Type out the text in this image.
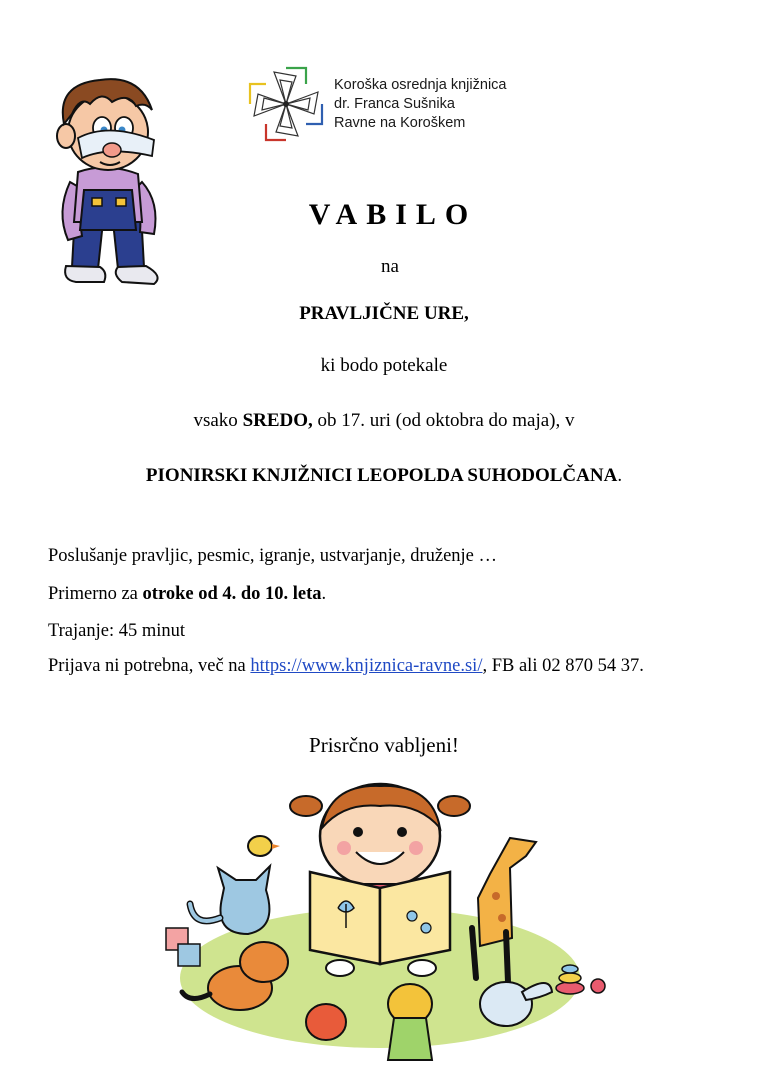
Koroška osrednja knjižnica
dr. Franca Sušnika
Ravne na Koroškem
VABILO
na
PRAVLJIČNE URE,
ki bodo potekale
vsako SREDO, ob 17. uri (od oktobra do maja), v
PIONIRSKI KNJIŽNICI LEOPOLDA SUHODOLČANA.
Poslušanje pravljic, pesmic, igranje, ustvarjanje, druženje …
Primerno za otroke od 4. do 10. leta.
Trajanje: 45 minut
Prijava ni potrebna, več na https://www.knjiznica-ravne.si/, FB ali 02 870 54 37.
Prisrčno vabljeni!
